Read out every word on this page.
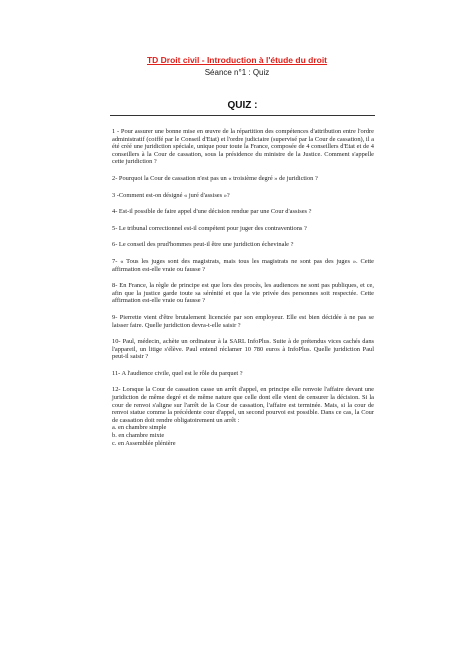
TD Droit civil - Introduction à l'étude du droit
Séance n°1 : Quiz
QUIZ :

1 - Pour assurer une bonne mise en œuvre de la répartition des compétences d'attribution entre l'ordre administratif (coiffé par le Conseil d'Etat) et l'ordre judiciaire (supervisé par la Cour de cassation), il a été créé une juridiction spéciale, unique pour toute la France, composée de 4 conseillers d'Etat et de 4 conseillers à la Cour de cassation, sous la présidence du ministre de la Justice. Comment s'appelle cette juridiction ?

2- Pourquoi la Cour de cassation n'est pas un « troisième degré » de juridiction ?

3 -Comment est-on désigné « juré d'assises »?

4- Est-il possible de faire appel d'une décision rendue par une Cour d'assises ?

5- Le tribunal correctionnel est-il compétent pour juger des contraventions ?

6- Le conseil des prud'hommes peut-il être une juridiction échevinale ?

7- « Tous les juges sont des magistrats, mais tous les magistrats ne sont pas des juges ». Cette affirmation est-elle vraie ou fausse ?

8- En France, la règle de principe est que lors des procès, les audiences ne sont pas publiques, et ce, afin que la justice garde toute sa sérénité et que la vie privée des personnes soit respectée. Cette affirmation est-elle vraie ou fausse ?

9- Pierrette vient d'être brutalement licenciée par son employeur. Elle est bien décidée à ne pas se laisser faire. Quelle juridiction devra-t-elle saisir ?

10- Paul, médecin, achète un ordinateur à la SARL InfoPlus. Suite à de prétendus vices cachés dans l'appareil, un litige s'élève. Paul entend réclamer 10 780 euros à InfoPlus. Quelle juridiction Paul peut-il saisir ?

11- A l'audience civile, quel est le rôle du parquet ?

12- Lorsque la Cour de cassation casse un arrêt d'appel, en principe elle renvoie l'affaire devant une juridiction de même degré et de même nature que celle dont elle vient de censurer la décision. Si la cour de renvoi s'aligne sur l'arrêt de la Cour de cassation, l'affaire est terminée. Mais, si la cour de renvoi statue comme la précédente cour d'appel, un second pourvoi est possible. Dans ce cas, la Cour de cassation doit rendre obligatoirement un arrêt :

a. en chambre simple
b. en chambre mixte
c. en Assemblée plénière
